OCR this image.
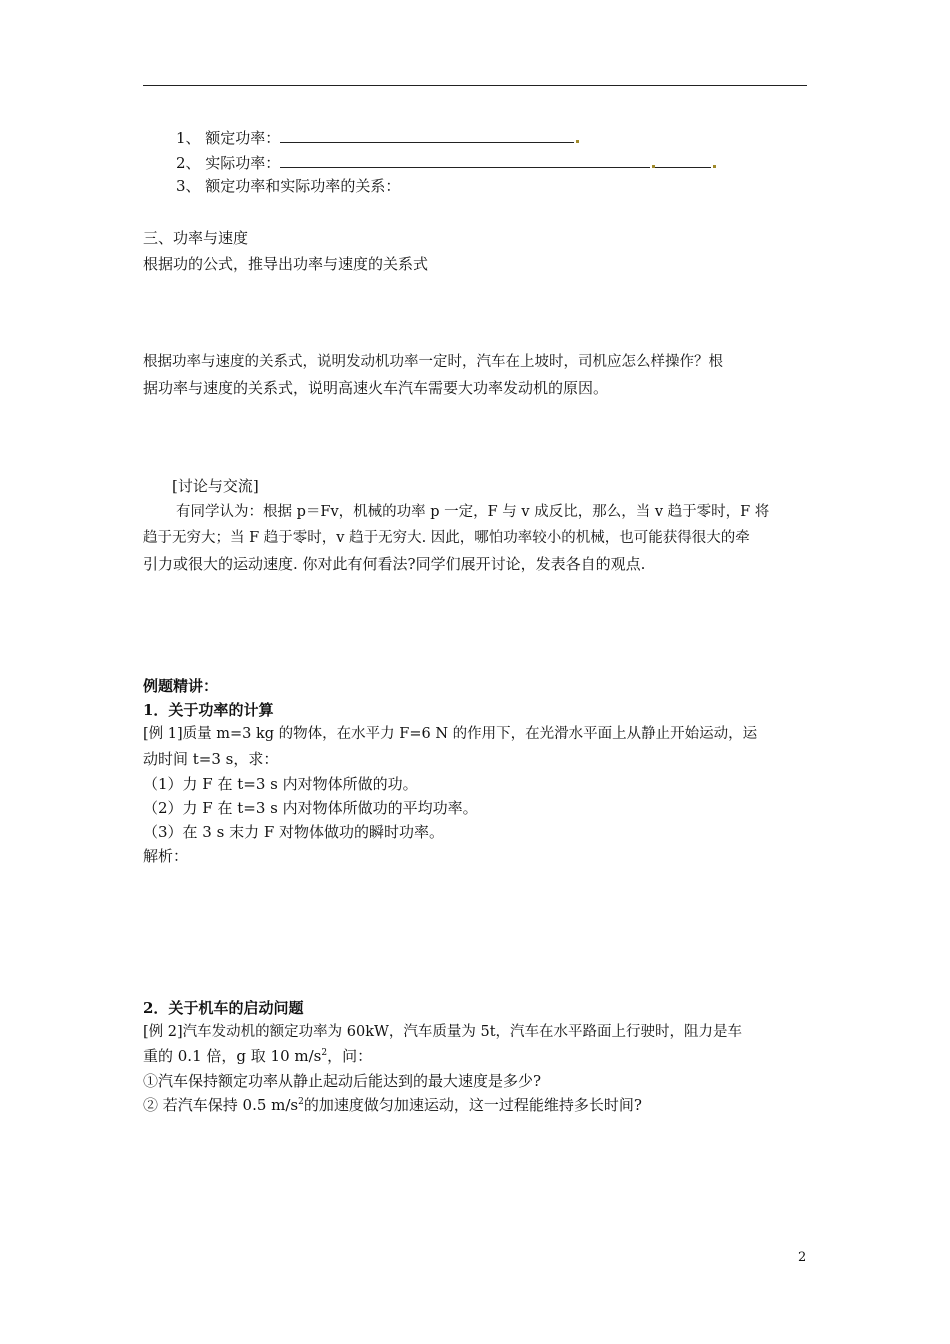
1、 额定功率：
2、 实际功率：
3、 额定功率和实际功率的关系：
三、功率与速度
根据功的公式，推导出功率与速度的关系式
根据功率与速度的关系式，说明发动机功率一定时，汽车在上坡时，司机应怎么样操作？根
据功率与速度的关系式，说明高速火车汽车需要大功率发动机的原因。
[讨论与交流]
有同学认为：根据 p＝Fv，机械的功率 p 一定，F 与 v 成反比，那么，当 v 趋于零时，F 将
趋于无穷大；当 F 趋于零时，v 趋于无穷大. 因此，哪怕功率较小的机械，也可能获得很大的牵
引力或很大的运动速度. 你对此有何看法?同学们展开讨论，发表各自的观点.
例题精讲：
1．关于功率的计算
[例 1]质量 m=3 kg 的物体，在水平力 F=6 N 的作用下，在光滑水平面上从静止开始运动，运
动时间 t=3 s，求：
（1）力 F 在 t=3 s 内对物体所做的功。
（2）力 F 在 t=3 s 内对物体所做功的平均功率。
（3）在 3 s 末力 F 对物体做功的瞬时功率。
解析：
2．关于机车的启动问题
[例 2]汽车发动机的额定功率为 60kW，汽车质量为 5t，汽车在水平路面上行驶时，阻力是车
重的 0.1 倍，g 取 10 $m/s^2$，问：
①汽车保持额定功率从静止起动后能达到的最大速度是多少?
② 若汽车保持 0.5 $m/s^2$的加速度做匀加速运动，这一过程能维持多长时间?
2
